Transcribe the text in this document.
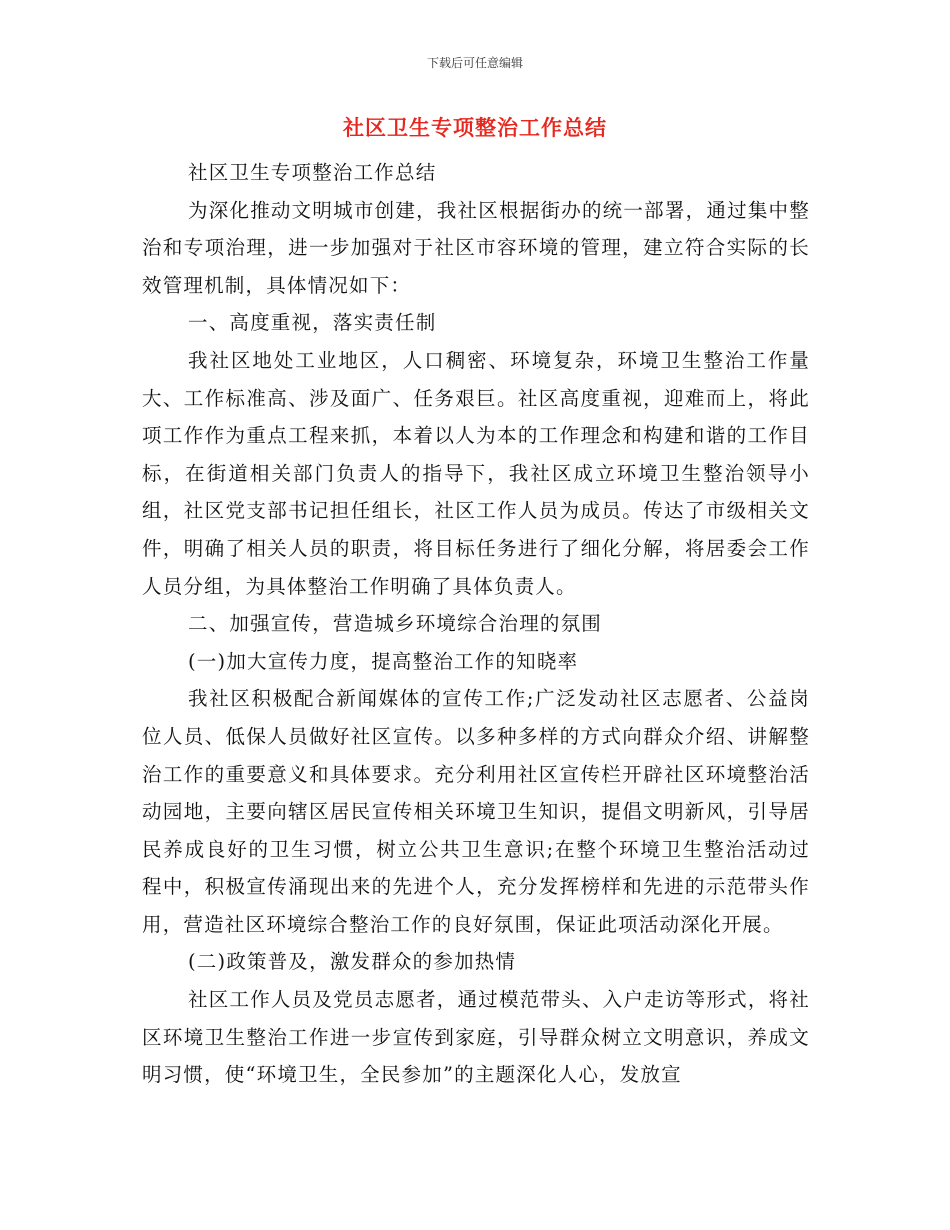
下载后可任意编辑
社区卫生专项整治工作总结

社区卫生专项整治工作总结

为深化推动文明城市创建，我社区根据街办的统一部署，通过集中整治和专项治理，进一步加强对于社区市容环境的管理，建立符合实际的长效管理机制，具体情况如下：

一、高度重视，落实责任制

我社区地处工业地区，人口稠密、环境复杂，环境卫生整治工作量大、工作标准高、涉及面广、任务艰巨。社区高度重视，迎难而上，将此项工作作为重点工程来抓，本着以人为本的工作理念和构建和谐的工作目标，在街道相关部门负责人的指导下，我社区成立环境卫生整治领导小组，社区党支部书记担任组长，社区工作人员为成员。传达了市级相关文件，明确了相关人员的职责，将目标任务进行了细化分解，将居委会工作人员分组，为具体整治工作明确了具体负责人。

二、加强宣传，营造城乡环境综合治理的氛围

(一)加大宣传力度，提高整治工作的知晓率

我社区积极配合新闻媒体的宣传工作;广泛发动社区志愿者、公益岗位人员、低保人员做好社区宣传。以多种多样的方式向群众介绍、讲解整治工作的重要意义和具体要求。充分利用社区宣传栏开辟社区环境整治活动园地，主要向辖区居民宣传相关环境卫生知识，提倡文明新风，引导居民养成良好的卫生习惯，树立公共卫生意识;在整个环境卫生整治活动过程中，积极宣传涌现出来的先进个人，充分发挥榜样和先进的示范带头作用，营造社区环境综合整治工作的良好氛围，保证此项活动深化开展。

(二)政策普及，激发群众的参加热情

社区工作人员及党员志愿者，通过模范带头、入户走访等形式，将社区环境卫生整治工作进一步宣传到家庭，引导群众树立文明意识，养成文明习惯，使“环境卫生，全民参加”的主题深化人心，发放宣
